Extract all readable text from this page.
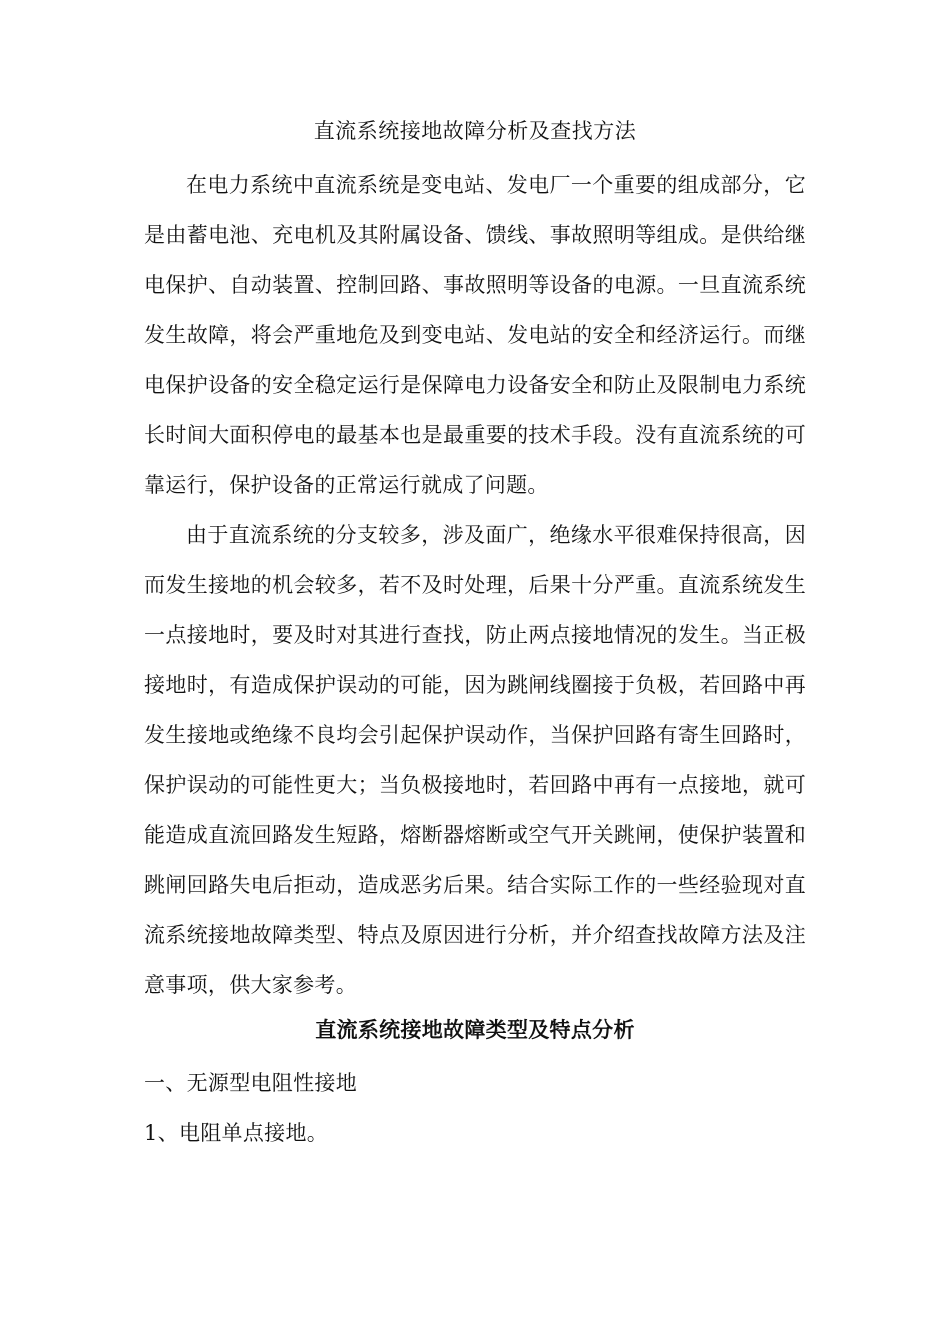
直流系统接地故障分析及查找方法

在电力系统中直流系统是变电站、发电厂一个重要的组成部分，它是由蓄电池、充电机及其附属设备、馈线、事故照明等组成。是供给继电保护、自动装置、控制回路、事故照明等设备的电源。一旦直流系统发生故障，将会严重地危及到变电站、发电站的安全和经济运行。而继电保护设备的安全稳定运行是保障电力设备安全和防止及限制电力系统长时间大面积停电的最基本也是最重要的技术手段。没有直流系统的可靠运行，保护设备的正常运行就成了问题。

由于直流系统的分支较多，涉及面广，绝缘水平很难保持很高，因而发生接地的机会较多，若不及时处理，后果十分严重。直流系统发生一点接地时，要及时对其进行查找，防止两点接地情况的发生。当正极接地时，有造成保护误动的可能，因为跳闸线圈接于负极，若回路中再发生接地或绝缘不良均会引起保护误动作，当保护回路有寄生回路时，保护误动的可能性更大；当负极接地时，若回路中再有一点接地，就可能造成直流回路发生短路，熔断器熔断或空气开关跳闸，使保护装置和跳闸回路失电后拒动，造成恶劣后果。结合实际工作的一些经验现对直流系统接地故障类型、特点及原因进行分析，并介绍查找故障方法及注意事项，供大家参考。

直流系统接地故障类型及特点分析

一、无源型电阻性接地

1、电阻单点接地。
